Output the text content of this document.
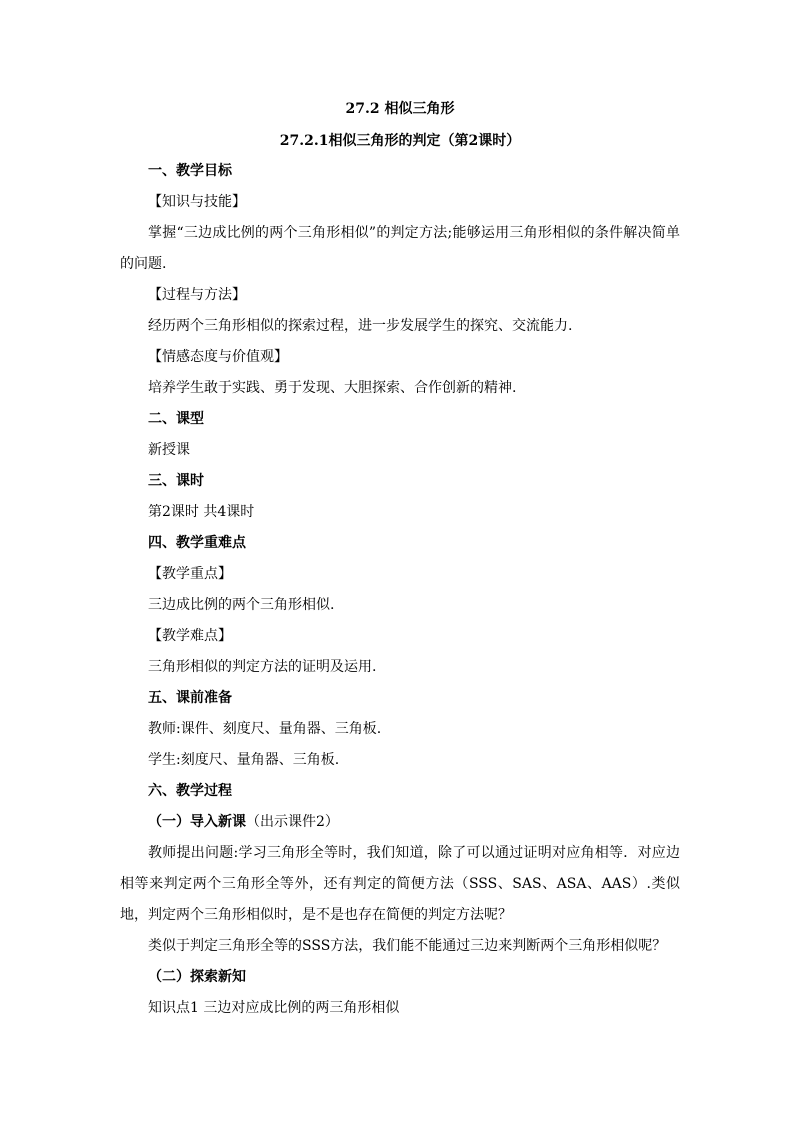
27.2 相似三角形
27.2.1相似三角形的判定（第2课时）

一、教学目标

【知识与技能】

掌握“三边成比例的两个三角形相似”的判定方法;能够运用三角形相似的条件解决简单的问题.

【过程与方法】

经历两个三角形相似的探索过程，进一步发展学生的探究、交流能力.

【情感态度与价值观】

培养学生敢于实践、勇于发现、大胆探索、合作创新的精神.

二、课型

新授课

三、课时

第2课时 共4课时

四、教学重难点

【教学重点】

三边成比例的两个三角形相似.

【教学难点】

三角形相似的判定方法的证明及运用.

五、课前准备

教师:课件、刻度尺、量角器、三角板.

学生:刻度尺、量角器、三角板.

六、教学过程

（一）导入新课（出示课件2）

教师提出问题:学习三角形全等时，我们知道，除了可以通过证明对应角相等．对应边相等来判定两个三角形全等外，还有判定的简便方法（SSS、SAS、ASA、AAS）.类似地，判定两个三角形相似时，是不是也存在简便的判定方法呢？

类似于判定三角形全等的SSS方法，我们能不能通过三边来判断两个三角形相似呢？

（二）探索新知

知识点1 三边对应成比例的两三角形相似
